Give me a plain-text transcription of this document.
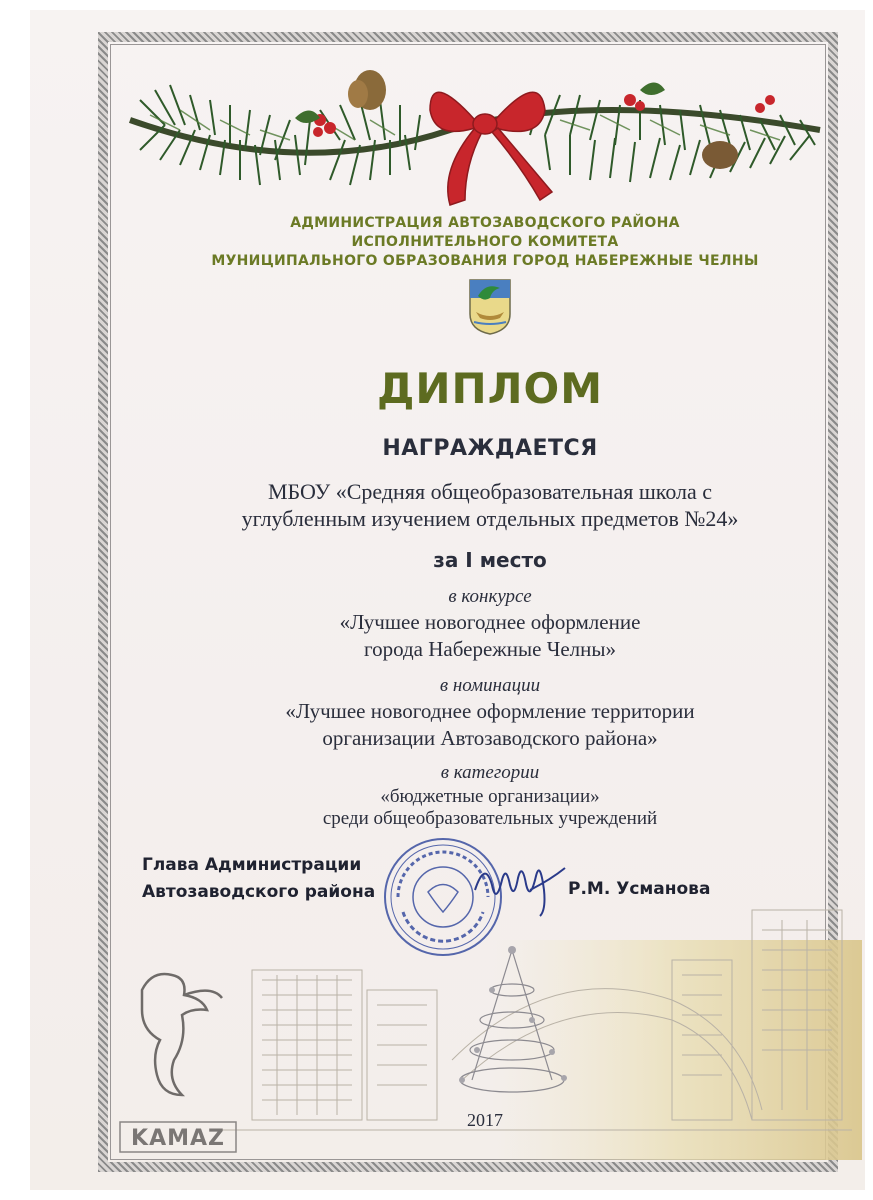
АДМИНИСТРАЦИЯ АВТОЗАВОДСКОГО РАЙОНА
ИСПОЛНИТЕЛЬНОГО КОМИТЕТА
МУНИЦИПАЛЬНОГО ОБРАЗОВАНИЯ ГОРОД НАБЕРЕЖНЫЕ ЧЕЛНЫ
ДИПЛОМ
НАГРАЖДАЕТСЯ
МБОУ «Средняя общеобразовательная школа с
углубленным изучением отдельных предметов №24»
за I место
в конкурсе
«Лучшее новогоднее оформление
города Набережные Челны»
в номинации
«Лучшее новогоднее оформление территории
организации Автозаводского района»
в категории
«бюджетные организации»
среди общеобразовательных учреждений
KAMAZ
Глава Администрации
Автозаводского района	Р.М. Усманова
2017
